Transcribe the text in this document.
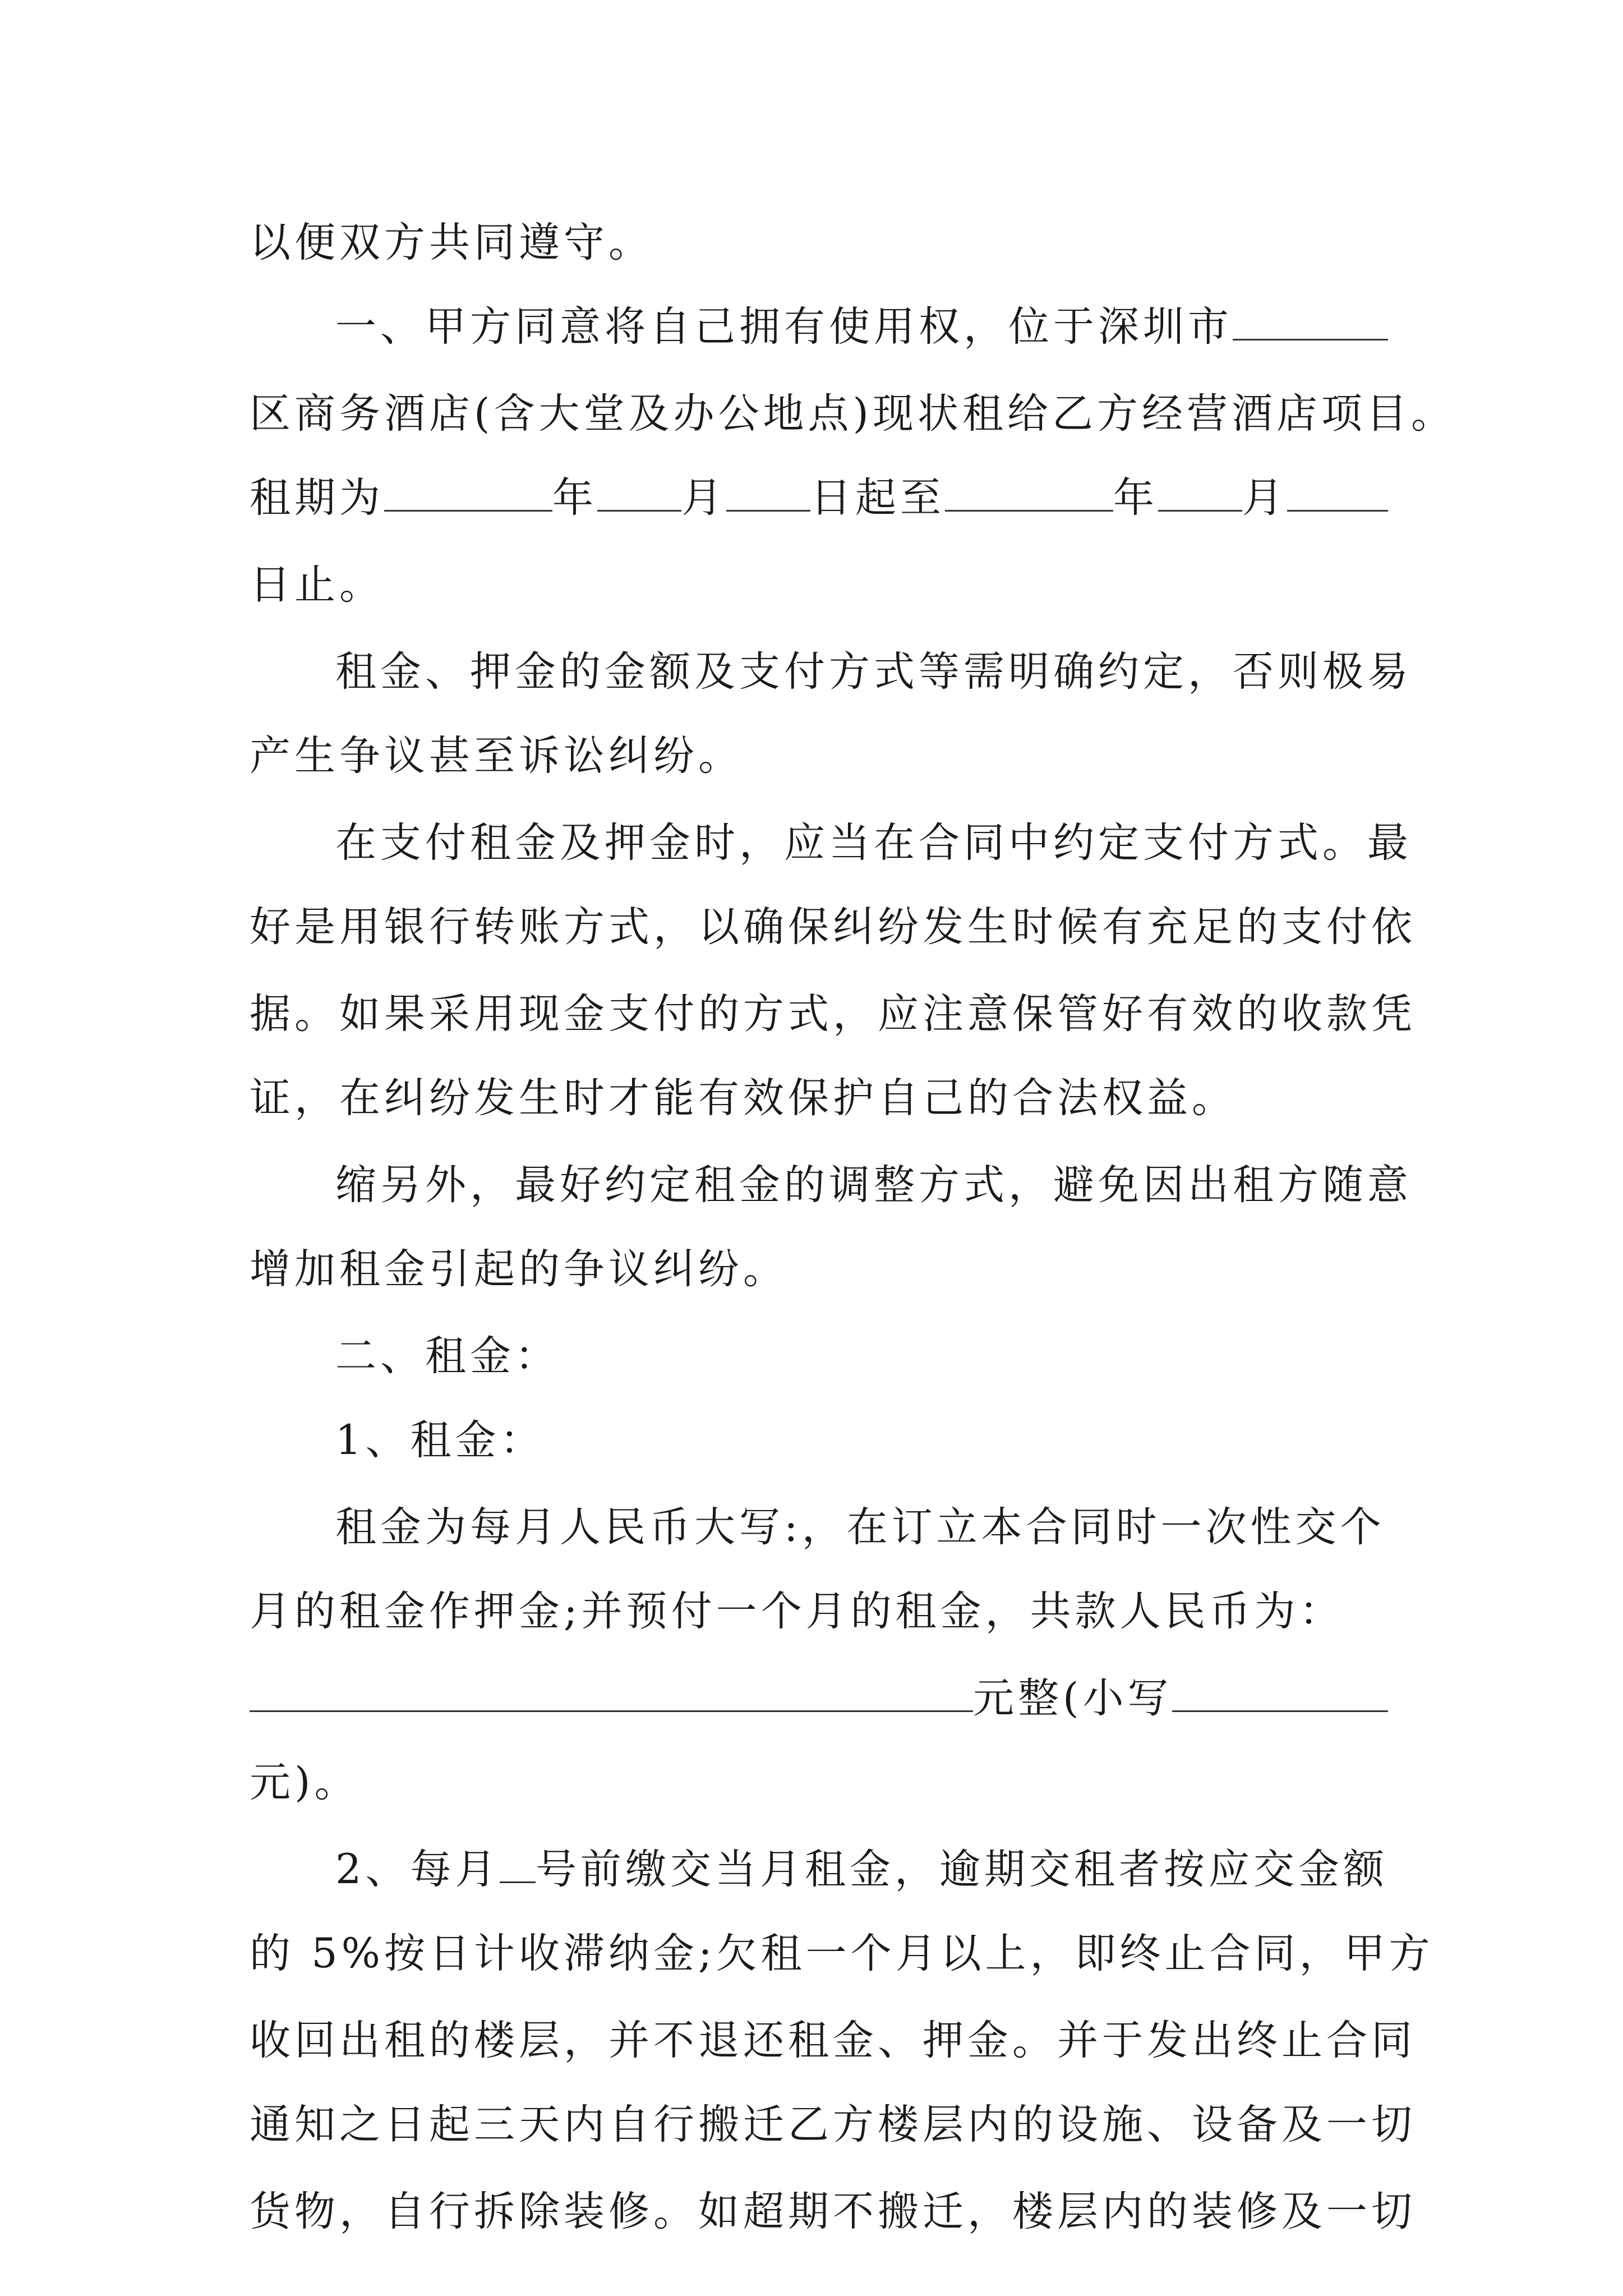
以便双方共同遵守。
一、甲方同意将自己拥有使用权，位于深圳市
区商务酒店(含大堂及办公地点)现状租给乙方经营酒店项目。
租期为	年 月 日起至	年 月
日止。
租金、押金的金额及支付方式等需明确约定，否则极易
产生争议甚至诉讼纠纷。
在支付租金及押金时，应当在合同中约定支付方式。最
好是用银行转账方式，以确保纠纷发生时候有充足的支付依
据。如果采用现金支付的方式，应注意保管好有效的收款凭
证，在纠纷发生时才能有效保护自己的合法权益。
缩另外，最好约定租金的调整方式，避免因出租方随意
增加租金引起的争议纠纷。
二、租金：
1、租金：
租金为每月人民币大写:，在订立本合同时一次性交个
月的租金作押金;并预付一个月的租金，共款人民币为：
元整(小写
元)。
2、每月 号前缴交当月租金，逾期交租者按应交金额
的 5%按日计收滞纳金;欠租一个月以上，即终止合同，甲方
收回出租的楼层，并不退还租金、押金。并于发出终止合同
通知之日起三天内自行搬迁乙方楼层内的设施、设备及一切
货物，自行拆除装修。如超期不搬迁，楼层内的装修及一切
